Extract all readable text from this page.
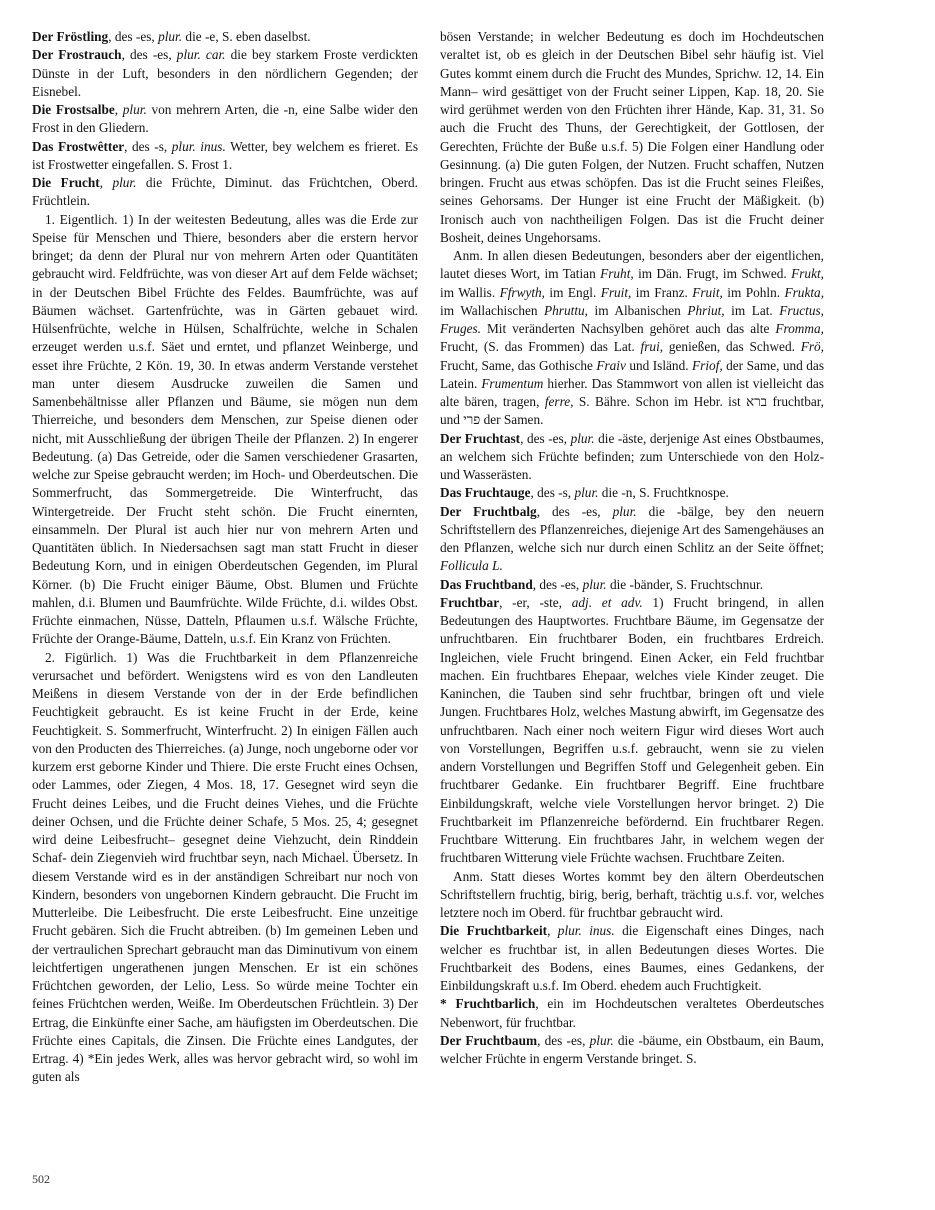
Der Fröstling, des -es, plur. die -e, S. eben daselbst.

Der Frostrauch, des -es, plur. car. die bey starkem Froste verdickten Dünste in der Luft, besonders in den nördlichern Gegenden; der Eisnebel.

Die Frostsalbe, plur. von mehrern Arten, die -n, eine Salbe wider den Frost in den Gliedern.

Das Frostwêtter, des -s, plur. inus. Wetter, bey welchem es frieret. Es ist Frostwetter eingefallen. S. Frost 1.

Die Frucht, plur. die Früchte, Diminut. das Früchtchen, Oberd. Früchtlein.

1. Eigentlich. 1) In der weitesten Bedeutung, alles was die Erde zur Speise für Menschen und Thiere, besonders aber die erstern hervor bringet; da denn der Plural nur von mehrern Arten oder Quantitäten gebraucht wird. Feldfrüchte, was von dieser Art auf dem Felde wächset; in der Deutschen Bibel Früchte des Feldes. Baumfrüchte, was auf Bäumen wächset. Gartenfrüchte, was in Gärten gebauet wird. Hülsenfrüchte, welche in Hülsen, Schalfrüchte, welche in Schalen erzeuget werden u.s.f. Säet und erntet, und pflanzet Weinberge, und esset ihre Früchte, 2 Kön. 19, 30. In etwas anderm Verstande verstehet man unter diesem Ausdrucke zuweilen die Samen und Samenbehältnisse aller Pflanzen und Bäume, sie mögen nun dem Thierreiche, und besonders dem Menschen, zur Speise dienen oder nicht, mit Ausschließung der übrigen Theile der Pflanzen. 2) In engerer Bedeutung. (a) Das Getreide, oder die Samen verschiedener Grasarten, welche zur Speise gebraucht werden; im Hoch- und Oberdeutschen. Die Sommerfrucht, das Sommergetreide. Die Winterfrucht, das Wintergetreide. Der Frucht steht schön. Die Frucht einernten, einsammeln. Der Plural ist auch hier nur von mehrern Arten und Quantitäten üblich. In Niedersachsen sagt man statt Frucht in dieser Bedeutung Korn, und in einigen Oberdeutschen Gegenden, im Plural Körner. (b) Die Frucht einiger Bäume, Obst. Blumen und Früchte mahlen, d.i. Blumen und Baumfrüchte. Wilde Früchte, d.i. wildes Obst. Früchte einmachen, Nüsse, Datteln, Pflaumen u.s.f. Wälsche Früchte, Früchte der Orange-Bäume, Datteln, u.s.f. Ein Kranz von Früchten.

2. Figürlich. 1) Was die Fruchtbarkeit in dem Pflanzenreiche verursachet und befördert. Wenigstens wird es von den Landleuten Meißens in diesem Verstande von der in der Erde befindlichen Feuchtigkeit gebraucht. Es ist keine Frucht in der Erde, keine Feuchtigkeit. S. Sommerfrucht, Winterfrucht. 2) In einigen Fällen auch von den Producten des Thierreiches. (a) Junge, noch ungeborne oder vor kurzem erst geborne Kinder und Thiere. Die erste Frucht eines Ochsen, oder Lammes, oder Ziegen, 4 Mos. 18, 17. Gesegnet wird seyn die Frucht deines Leibes, und die Frucht deines Viehes, und die Früchte deiner Ochsen, und die Früchte deiner Schafe, 5 Mos. 25, 4; gesegnet wird deine Leibesfrucht– gesegnet deine Viehzucht, dein Rinddein Schaf- dein Ziegenvieh wird fruchtbar seyn, nach Michael. Übersetz. In diesem Verstande wird es in der anständigen Schreibart nur noch von Kindern, besonders von ungebornen Kindern gebraucht. Die Frucht im Mutterleibe. Die Leibesfrucht. Die erste Leibesfrucht. Eine unzeitige Frucht gebären. Sich die Frucht abtreiben. (b) Im gemeinen Leben und der vertraulichen Sprechart gebraucht man das Diminutivum von einem leichtfertigen ungerathenen jungen Menschen. Er ist ein schönes Früchtchen geworden, der Lelio, Less. So würde meine Tochter ein feines Früchtchen werden, Weiße. Im Oberdeutschen Früchtlein. 3) Der Ertrag, die Einkünfte einer Sache, am häufigsten im Oberdeutschen. Die Früchte eines Capitals, die Zinsen. Die Früchte eines Landgutes, der Ertrag. 4) *Ein jedes Werk, alles was hervor gebracht wird, so wohl im guten als

bösen Verstande; in welcher Bedeutung es doch im Hochdeutschen veraltet ist, ob es gleich in der Deutschen Bibel sehr häufig ist. Viel Gutes kommt einem durch die Frucht des Mundes, Sprichw. 12, 14. Ein Mann– wird gesättiget von der Frucht seiner Lippen, Kap. 18, 20. Sie wird gerühmet werden von den Früchten ihrer Hände, Kap. 31, 31. So auch die Frucht des Thuns, der Gerechtigkeit, der Gottlosen, der Gerechten, Früchte der Buße u.s.f. 5) Die Folgen einer Handlung oder Gesinnung. (a) Die guten Folgen, der Nutzen. Frucht schaffen, Nutzen bringen. Frucht aus etwas schöpfen. Das ist die Frucht seines Fleißes, seines Gehorsams. Der Hunger ist eine Frucht der Mäßigkeit. (b) Ironisch auch von nachtheiligen Folgen. Das ist die Frucht deiner Bosheit, deines Ungehorsams.

Anm. In allen diesen Bedeutungen, besonders aber der eigentlichen, lautet dieses Wort, im Tatian Fruht, im Dän. Frugt, im Schwed. Frukt, im Wallis. Ffrwyth, im Engl. Fruit, im Franz. Fruit, im Pohln. Frukta, im Wallachischen Phruttu, im Albanischen Phriut, im Lat. Fructus, Fruges. Mit veränderten Nachsylben gehöret auch das alte Fromma, Frucht, (S. das Frommen) das Lat. frui, genießen, das Schwed. Frö, Frucht, Same, das Gothische Fraiv und Isländ. Friof, der Same, und das Latein. Frumentum hierher. Das Stammwort von allen ist vielleicht das alte bären, tragen, ferre, S. Bähre. Schon im Hebr. ist ברא fruchtbar, und פרי der Samen.

Der Fruchtast, des -es, plur. die -äste, derjenige Ast eines Obstbaumes, an welchem sich Früchte befinden; zum Unterschiede von den Holz- und Wasserästen.

Das Fruchtauge, des -s, plur. die -n, S. Fruchtknospe.

Der Fruchtbalg, des -es, plur. die -bälge, bey den neuern Schriftstellern des Pflanzenreiches, diejenige Art des Samengehäuses an den Pflanzen, welche sich nur durch einen Schlitz an der Seite öffnet; Follicula L.

Das Fruchtband, des -es, plur. die -bänder, S. Fruchtschnur.

Fruchtbar, -er, -ste, adj. et adv. 1) Frucht bringend, in allen Bedeutungen des Hauptwortes. Fruchtbare Bäume, im Gegensatze der unfruchtbaren. Ein fruchtbarer Boden, ein fruchtbares Erdreich. Ingleichen, viele Frucht bringend. Einen Acker, ein Feld fruchtbar machen. Ein fruchtbares Ehepaar, welches viele Kinder zeuget. Die Kaninchen, die Tauben sind sehr fruchtbar, bringen oft und viele Jungen. Fruchtbares Holz, welches Mastung abwirft, im Gegensatze des unfruchtbaren. Nach einer noch weitern Figur wird dieses Wort auch von Vorstellungen, Begriffen u.s.f. gebraucht, wenn sie zu vielen andern Vorstellungen und Begriffen Stoff und Gelegenheit geben. Ein fruchtbarer Gedanke. Ein fruchtbarer Begriff. Eine fruchtbare Einbildungskraft, welche viele Vorstellungen hervor bringet. 2) Die Fruchtbarkeit im Pflanzenreiche befördernd. Ein fruchtbarer Regen. Fruchtbare Witterung. Ein fruchtbares Jahr, in welchem wegen der fruchtbaren Witterung viele Früchte wachsen. Fruchtbare Zeiten.

Anm. Statt dieses Wortes kommt bey den ältern Oberdeutschen Schriftstellern fruchtig, birig, berig, berhaft, trächtig u.s.f. vor, welches letztere noch im Oberd. für fruchtbar gebraucht wird.

Die Fruchtbarkeit, plur. inus. die Eigenschaft eines Dinges, nach welcher es fruchtbar ist, in allen Bedeutungen dieses Wortes. Die Fruchtbarkeit des Bodens, eines Baumes, eines Gedankens, der Einbildungskraft u.s.f. Im Oberd. ehedem auch Fruchtigkeit.

* Fruchtbarlich, ein im Hochdeutschen veraltetes Oberdeutsches Nebenwort, für fruchtbar.

Der Fruchtbaum, des -es, plur. die -bäume, ein Obstbaum, ein Baum, welcher Früchte in engerm Verstande bringet. S.

502
